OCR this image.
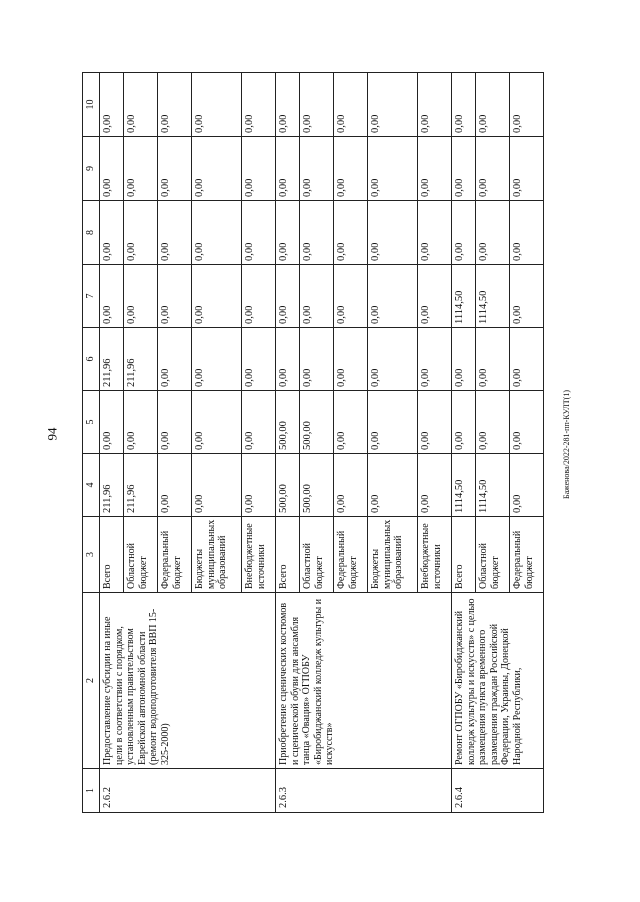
94	Баженова/2022-281-пп-КУЛТ(1)
1	2	3	4	5	6	7	8	9	10
2.6.2	Предоставление субсидии на иные цели в соответствии с порядком, установленным правительством Еврейской автономной области (ремонт водоподготовителя ВВП 15-325-2000)	Всего	211,96	0,00	211,96	0,00	0,00	0,00	0,00
		Областной бюджет	211,96	0,00	211,96	0,00	0,00	0,00	0,00
		Федеральный бюджет	0,00	0,00	0,00	0,00	0,00	0,00	0,00
		Бюджеты муниципальных образований	0,00	0,00	0,00	0,00	0,00	0,00	0,00
		Внебюджетные источники	0,00	0,00	0,00	0,00	0,00	0,00	0,00
2.6.3	Приобретение сценических костюмов и сценической обуви для ансамбля танца «Овация» ОГПОБУ «Биробиджанский колледж культуры и искусств»	Всего	500,00	500,00	0,00	0,00	0,00	0,00	0,00
		Областной бюджет	500,00	500,00	0,00	0,00	0,00	0,00	0,00
		Федеральный бюджет	0,00	0,00	0,00	0,00	0,00	0,00	0,00
		Бюджеты муниципальных образований	0,00	0,00	0,00	0,00	0,00	0,00	0,00
		Внебюджетные источники	0,00	0,00	0,00	0,00	0,00	0,00	0,00
2.6.4	Ремонт ОГПОБУ «Биробиджанский колледж культуры и искусств» с целью размещения пункта временного размещения граждан Российской Федерации, Украины, Донецкой Народной Республики,	Всего	1114,50	0,00	0,00	1114,50	0,00	0,00	0,00
		Областной бюджет	1114,50	0,00	0,00	1114,50	0,00	0,00	0,00
		Федеральный бюджет	0,00	0,00	0,00	0,00	0,00	0,00	0,00
